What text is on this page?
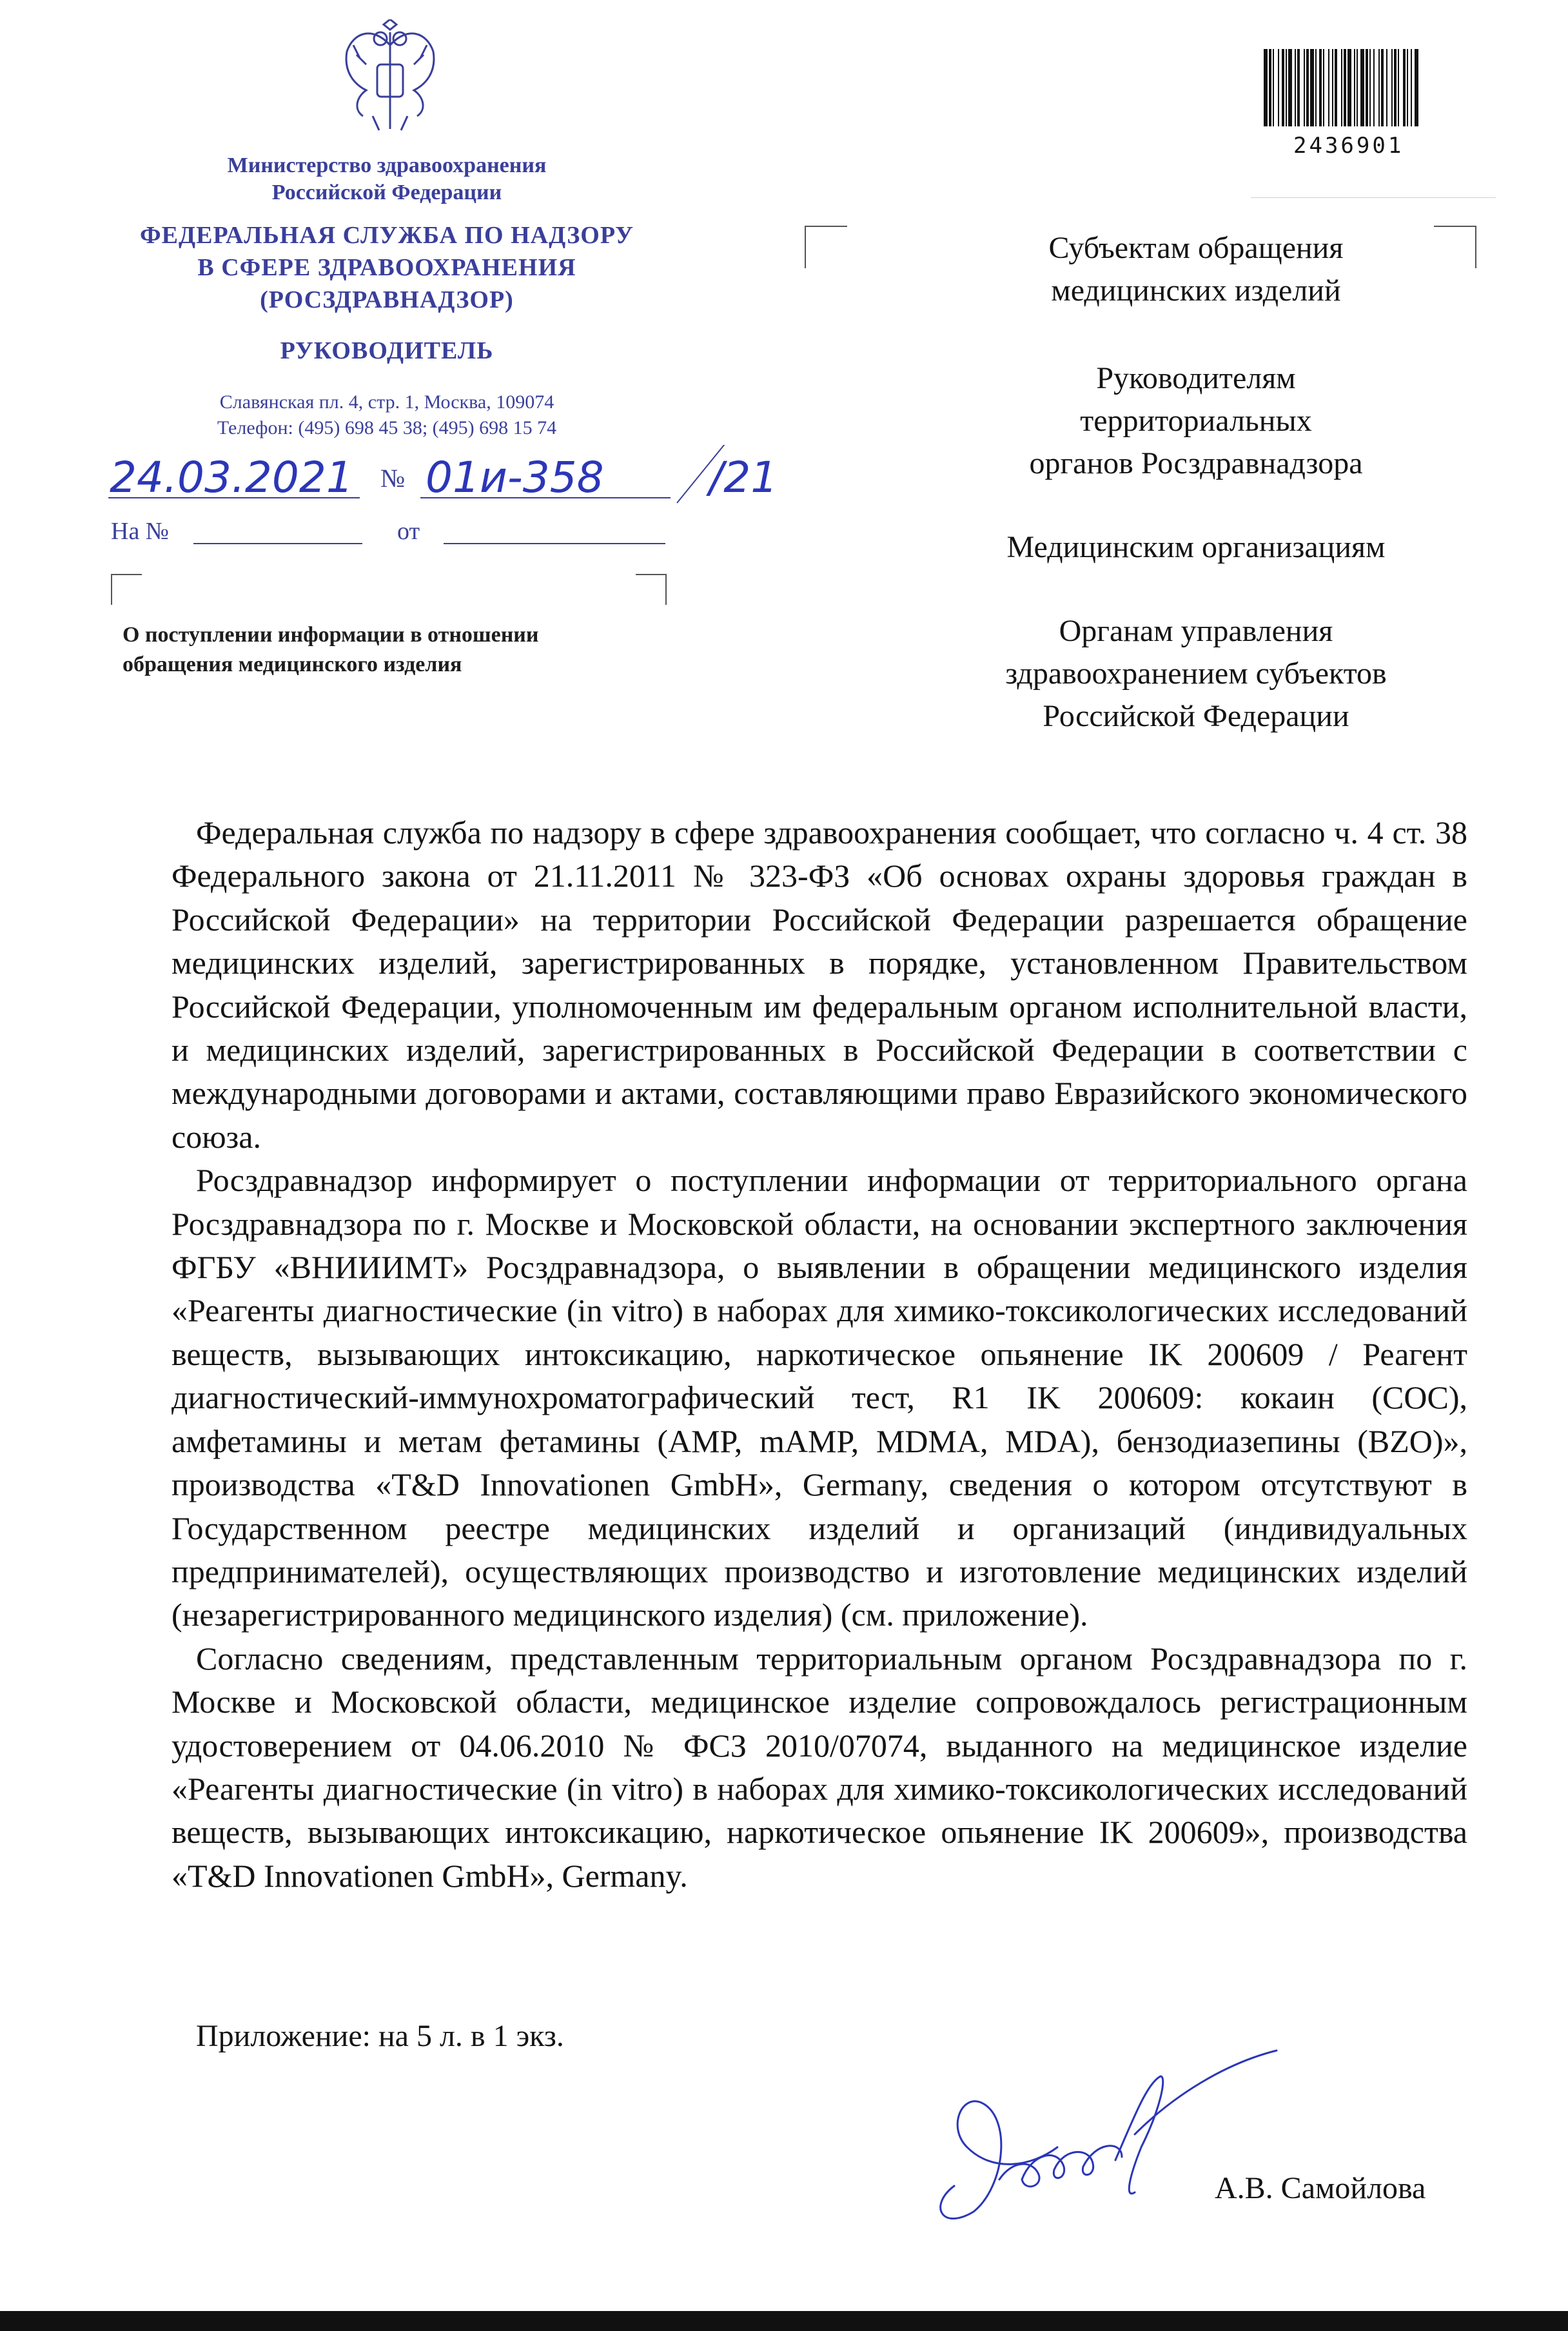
Министерство здравоохранения
Российской Федерации
ФЕДЕРАЛЬНАЯ СЛУЖБА ПО НАДЗОРУ
В СФЕРЕ ЗДРАВООХРАНЕНИЯ
(РОСЗДРАВНАДЗОР)
РУКОВОДИТЕЛЬ
Славянская пл. 4, стр. 1, Москва, 109074
Телефон: (495) 698 45 38; (495) 698 15 74
24.03.2021 № 01и-358 /21
На №	от
О поступлении информации в отношении
обращения медицинского изделия
2436901
Субъектам обращения
медицинских изделий
Руководителям
территориальных
органов Росздравнадзора
Медицинским организациям
Органам управления
здравоохранением субъектов
Российской Федерации

Федеральная служба по надзору в сфере здравоохранения сообщает, что согласно ч. 4 ст. 38 Федерального закона от 21.11.2011 № 323-ФЗ «Об основах охраны здоровья граждан в Российской Федерации» на территории Российской Федерации разрешается обращение медицинских изделий, зарегистрированных в порядке, установленном Правительством Российской Федерации, уполномоченным им федеральным органом исполнительной власти, и медицинских изделий, зарегистрированных в Российской Федерации в соответствии с международными договорами и актами, составляющими право Евразийского экономического союза.

Росздравнадзор информирует о поступлении информации от территориального органа Росздравнадзора по г. Москве и Московской области, на основании экспертного заключения ФГБУ «ВНИИИМТ» Росздравнадзора, о выявлении в обращении медицинского изделия «Реагенты диагностические (in vitro) в наборах для химико-токсикологических исследований веществ, вызывающих интоксикацию, наркотическое опьянение IK 200609 / Реагент диагностический-иммунохроматографический тест, R1 IK 200609: кокаин (COC), амфетамины и метам фетамины (AMP, mAMP, MDMA, MDA), бензодиазепины (BZO)», производства «T&D Innovationen GmbH», Germany, сведения о котором отсутствуют в Государственном реестре медицинских изделий и организаций (индивидуальных предпринимателей), осуществляющих производство и изготовление медицинских изделий (незарегистрированного медицинского изделия) (см. приложение).

Согласно сведениям, представленным территориальным органом Росздравнадзора по г. Москве и Московской области, медицинское изделие сопровождалось регистрационным удостоверением от 04.06.2010 № ФСЗ 2010/07074, выданного на медицинское изделие «Реагенты диагностические (in vitro) в наборах для химико-токсикологических исследований веществ, вызывающих интоксикацию, наркотическое опьянение IK 200609», производства «T&D Innovationen GmbH», Germany.

Приложение: на 5 л. в 1 экз.
А.В. Самойлова
